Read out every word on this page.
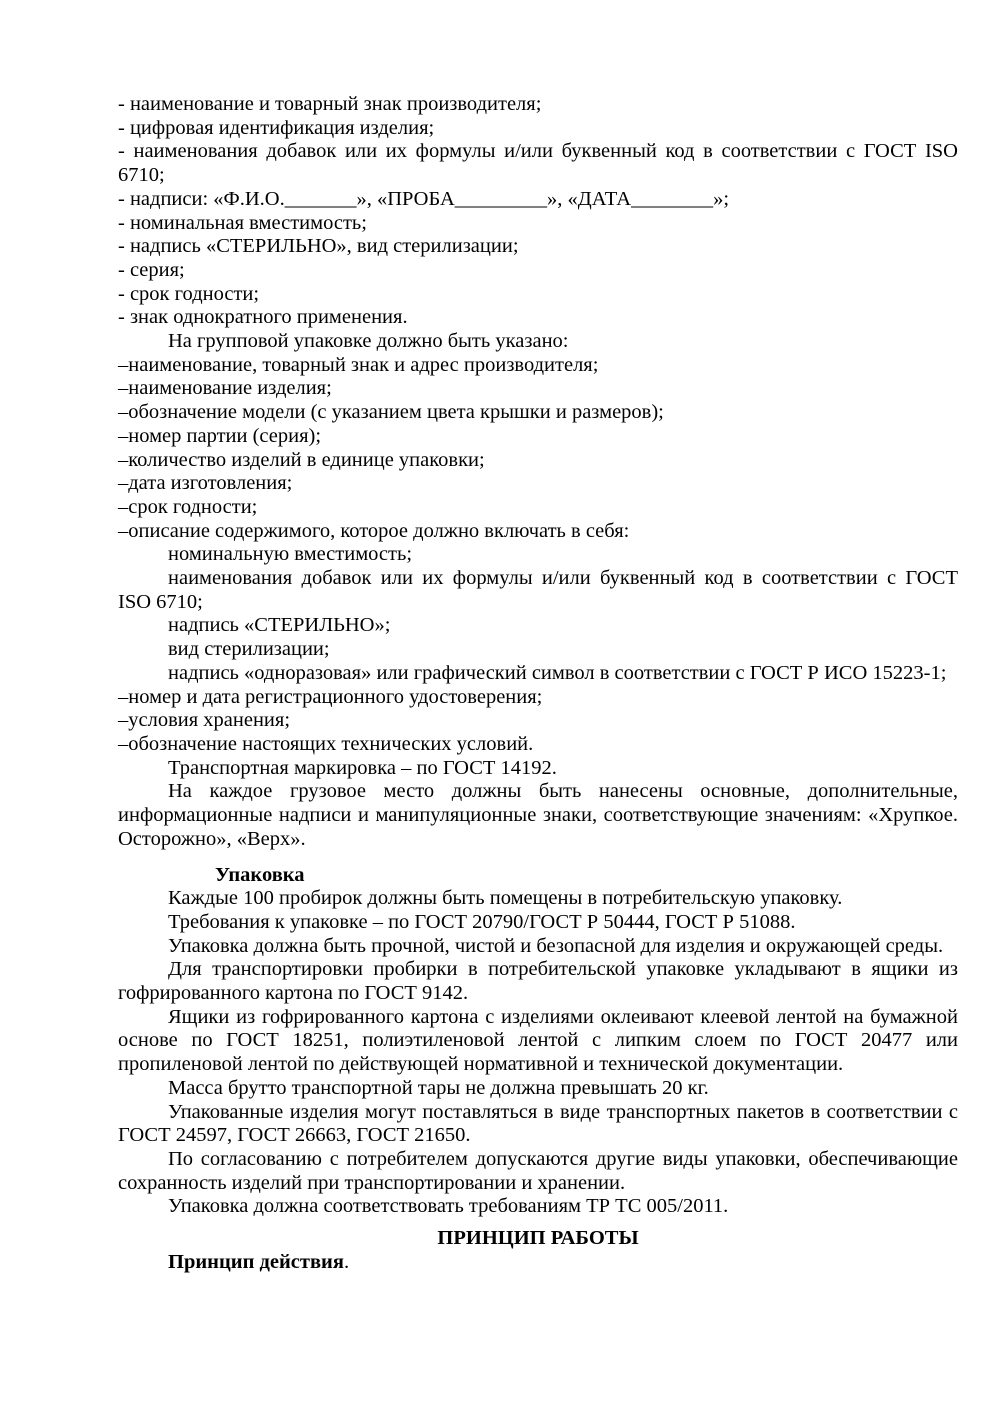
- наименование и товарный знак производителя;
- цифровая идентификация изделия;
- наименования добавок или их формулы и/или буквенный код в соответствии с ГОСТ ISO
6710;
- надписи: «Ф.И.О._______», «ПРОБА_________», «ДАТА________»;
- номинальная вместимость;
- надпись «СТЕРИЛЬНО», вид стерилизации;
- серия;
- срок годности;
- знак однократного применения.
На групповой упаковке должно быть указано:
–наименование, товарный знак и адрес производителя;
–наименование изделия;
–обозначение модели (с указанием цвета крышки и размеров);
–номер партии (серия);
–количество изделий в единице упаковки;
–дата изготовления;
–срок годности;
–описание содержимого, которое должно включать в себя:
номинальную вместимость;
наименования добавок или их формулы и/или буквенный код в соответствии с ГОСТ
ISO 6710;
надпись «СТЕРИЛЬНО»;
вид стерилизации;
надпись «одноразовая» или графический символ в соответствии с ГОСТ Р ИСО 15223-1;
–номер и дата регистрационного удостоверения;
–условия хранения;
–обозначение настоящих технических условий.
Транспортная маркировка – по ГОСТ 14192.
На каждое грузовое место должны быть нанесены основные, дополнительные,
информационные надписи и манипуляционные знаки, соответствующие значениям: «Хрупкое.
Осторожно», «Верх».
Упаковка
Каждые 100 пробирок должны быть помещены в потребительскую упаковку.
Требования к упаковке – по ГОСТ 20790/ГОСТ Р 50444, ГОСТ Р 51088.
Упаковка должна быть прочной, чистой и безопасной для изделия и окружающей среды.
Для транспортировки пробирки в потребительской упаковке укладывают в ящики из
гофрированного картона по ГОСТ 9142.
Ящики из гофрированного картона с изделиями оклеивают клеевой лентой на бумажной
основе по ГОСТ 18251, полиэтиленовой лентой с липким слоем по ГОСТ 20477 или
пропиленовой лентой по действующей нормативной и технической документации.
Масса брутто транспортной тары не должна превышать 20 кг.
Упакованные изделия могут поставляться в виде транспортных пакетов в соответствии с
ГОСТ 24597, ГОСТ 26663, ГОСТ 21650.
По согласованию с потребителем допускаются другие виды упаковки, обеспечивающие
сохранность изделий при транспортировании и хранении.
Упаковка должна соответствовать требованиям ТР ТС 005/2011.
ПРИНЦИП РАБОТЫ
Принцип действия.
